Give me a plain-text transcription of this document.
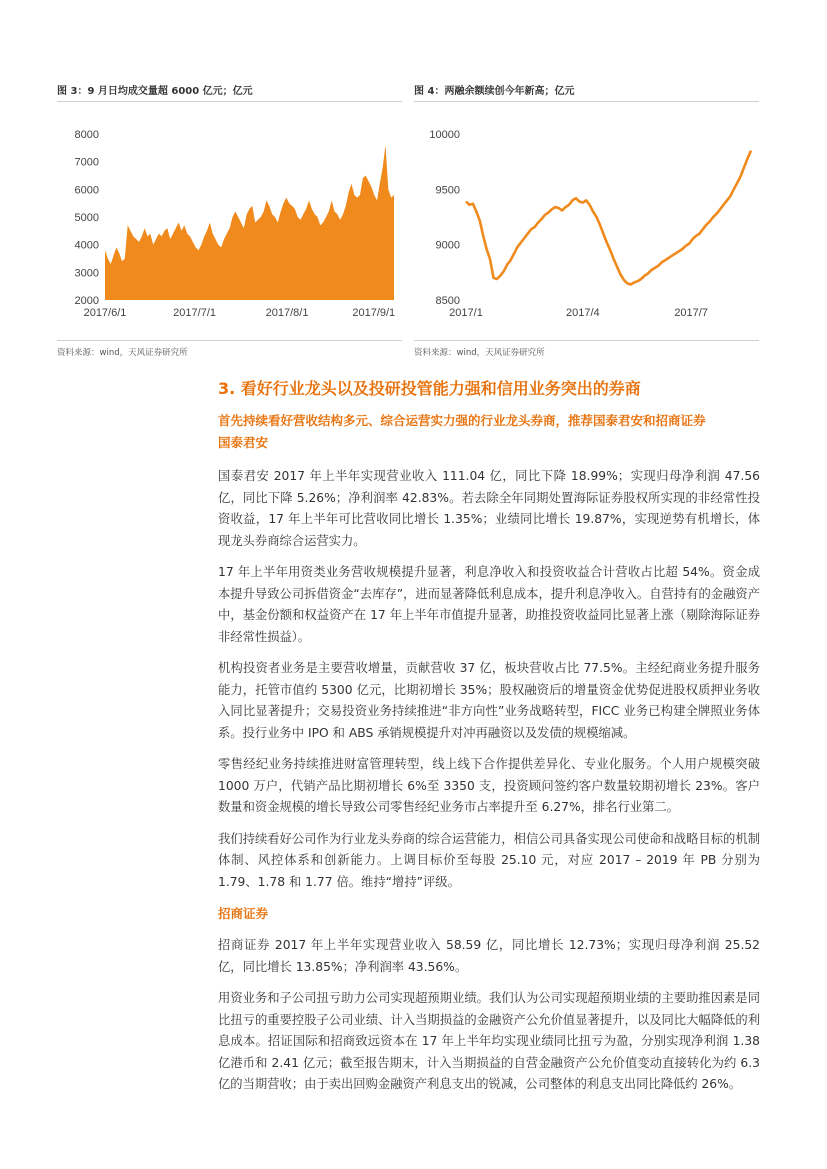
图 3：9 月日均成交量超 6000 亿元；亿元
8000
7000
6000
5000
4000
3000
2000
2017/6/1	2017/7/1	2017/8/1	2017/9/1
资料来源：wind，天风证券研究所
图 4：两融余额续创今年新高；亿元
10000
9500
9000
8500
2017/1	2017/4	2017/7
资料来源：wind，天风证券研究所
3. 看好行业龙头以及投研投管能力强和信用业务突出的券商

首先持续看好营收结构多元、综合运营实力强的行业龙头券商，推荐国泰君安和招商证券

国泰君安

国泰君安 2017 年上半年实现营业收入 111.04 亿，同比下降 18.99%；实现归母净利润 47.56 亿，同比下降 5.26%；净利润率 42.83%。若去除全年同期处置海际证券股权所实现的非经常性投资收益，17 年上半年可比营收同比增长 1.35%；业绩同比增长 19.87%，实现逆势有机增长，体现龙头券商综合运营实力。

17 年上半年用资类业务营收规模提升显著，利息净收入和投资收益合计营收占比超 54%。资金成本提升导致公司拆借资金“去库存”，进而显著降低利息成本，提升利息净收入。自营持有的金融资产中，基金份额和权益资产在 17 年上半年市值提升显著，助推投资收益同比显著上涨（剔除海际证券非经常性损益）。

机构投资者业务是主要营收增量，贡献营收 37 亿，板块营收占比 77.5%。主经纪商业务提升服务能力，托管市值约 5300 亿元，比期初增长 35%；股权融资后的增量资金优势促进股权质押业务收入同比显著提升；交易投资业务持续推进“非方向性”业务战略转型，FICC 业务已构建全牌照业务体系。投行业务中 IPO 和 ABS 承销规模提升对冲再融资以及发债的规模缩减。

零售经纪业务持续推进财富管理转型，线上线下合作提供差异化、专业化服务。个人用户规模突破 1000 万户，代销产品比期初增长 6%至 3350 支，投资顾问签约客户数量较期初增长 23%。客户数量和资金规模的增长导致公司零售经纪业务市占率提升至 6.27%，排名行业第二。

我们持续看好公司作为行业龙头券商的综合运营能力，相信公司具备实现公司使命和战略目标的机制体制、风控体系和创新能力。上调目标价至每股 25.10 元，对应 2017 – 2019 年 PB 分别为 1.79、1.78 和 1.77 倍。维持“增持”评级。

招商证券

招商证券 2017 年上半年实现营业收入 58.59 亿，同比增长 12.73%；实现归母净利润 25.52 亿，同比增长 13.85%；净利润率 43.56%。

用资业务和子公司扭亏助力公司实现超预期业绩。我们认为公司实现超预期业绩的主要助推因素是同比扭亏的重要控股子公司业绩、计入当期损益的金融资产公允价值显著提升，以及同比大幅降低的利息成本。招证国际和招商致远资本在 17 年上半年均实现业绩同比扭亏为盈，分别实现净利润 1.38 亿港币和 2.41 亿元；截至报告期末，计入当期损益的自营金融资产公允价值变动直接转化为约 6.3 亿的当期营收；由于卖出回购金融资产利息支出的锐减，公司整体的利息支出同比降低约 26%。
